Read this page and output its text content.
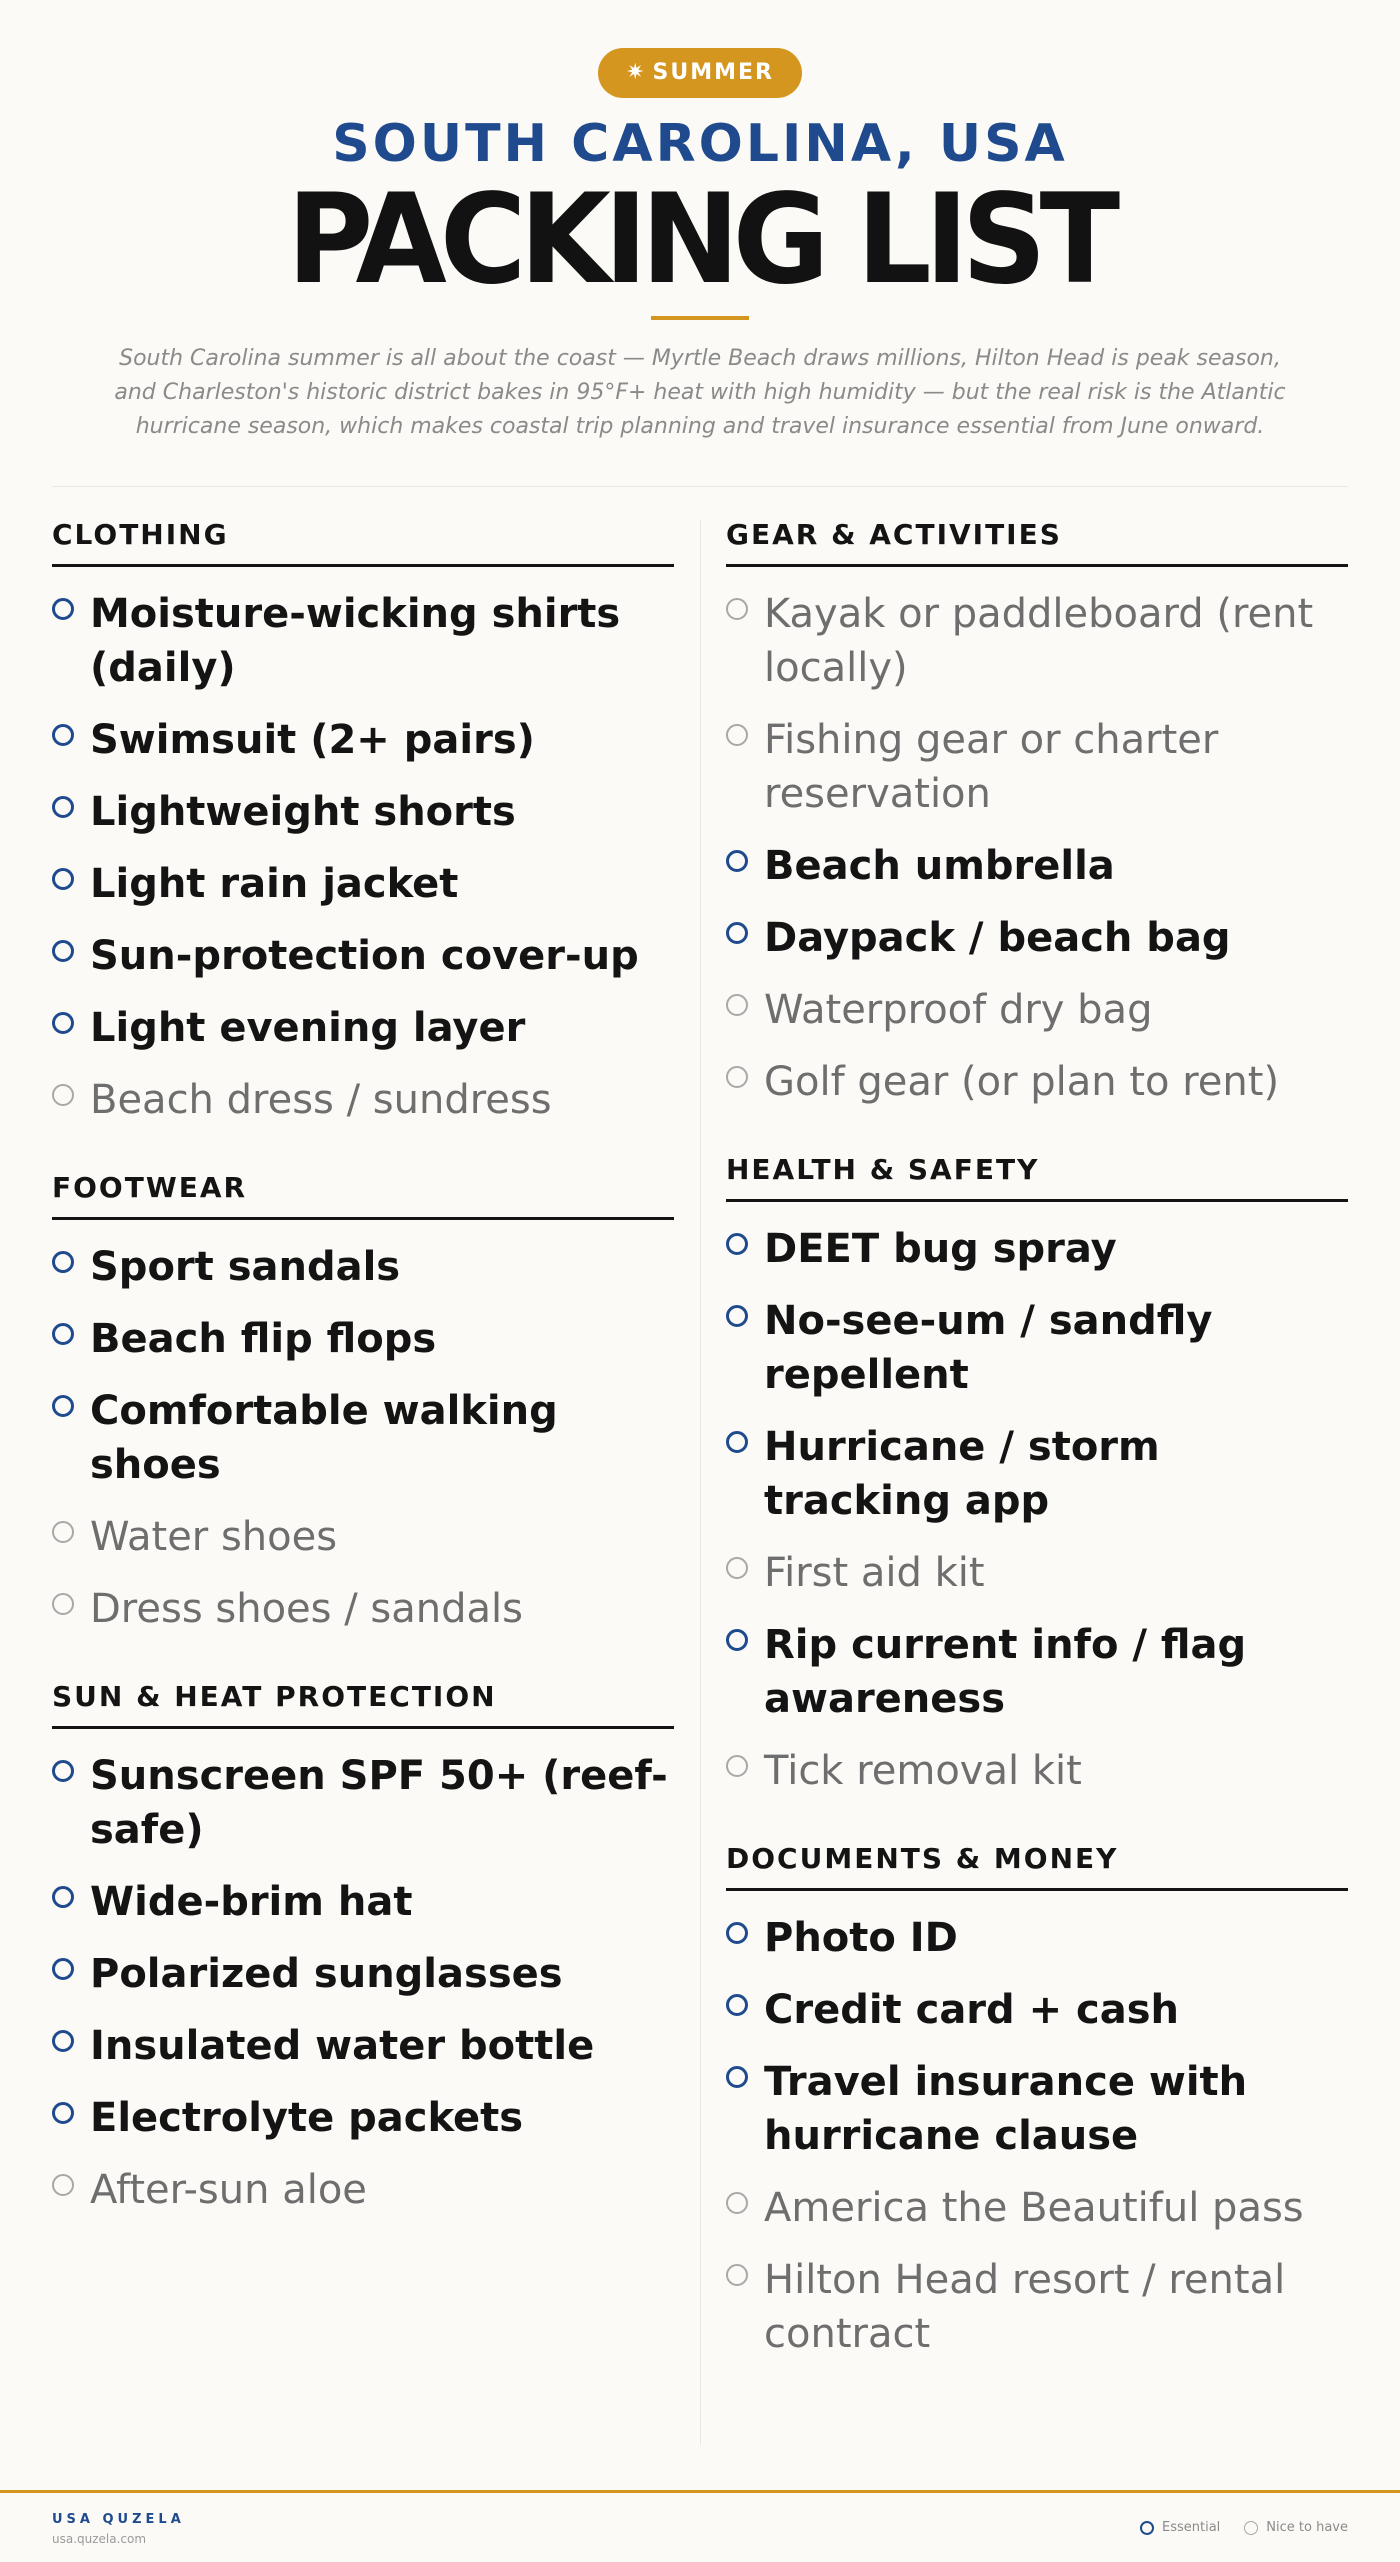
✷ SUMMER
SOUTH CAROLINA, USA
PACKING LIST

South Carolina summer is all about the coast — Myrtle Beach draws millions, Hilton Head is peak season, and Charleston's historic district bakes in 95°F+ heat with high humidity — but the real risk is the Atlantic hurricane season, which makes coastal trip planning and travel insurance essential from June onward.

CLOTHING
Moisture-wicking shirts (daily)
Swimsuit (2+ pairs)
Lightweight shorts
Light rain jacket
Sun-protection cover-up
Light evening layer
Beach dress / sundress
FOOTWEAR
Sport sandals
Beach flip flops
Comfortable walking shoes
Water shoes
Dress shoes / sandals
SUN & HEAT PROTECTION
Sunscreen SPF 50+ (reef-safe)
Wide-brim hat
Polarized sunglasses
Insulated water bottle
Electrolyte packets
After-sun aloe
GEAR & ACTIVITIES
Kayak or paddleboard (rent locally)
Fishing gear or charter reservation
Beach umbrella
Daypack / beach bag
Waterproof dry bag
Golf gear (or plan to rent)
HEALTH & SAFETY
DEET bug spray
No-see-um / sandfly repellent
Hurricane / storm tracking app
First aid kit
Rip current info / flag awareness
Tick removal kit
DOCUMENTS & MONEY
Photo ID
Credit card + cash
Travel insurance with hurricane clause
America the Beautiful pass
Hilton Head resort / rental contract
USA QUZELA
usa.quzela.com
Essential	Nice to have
